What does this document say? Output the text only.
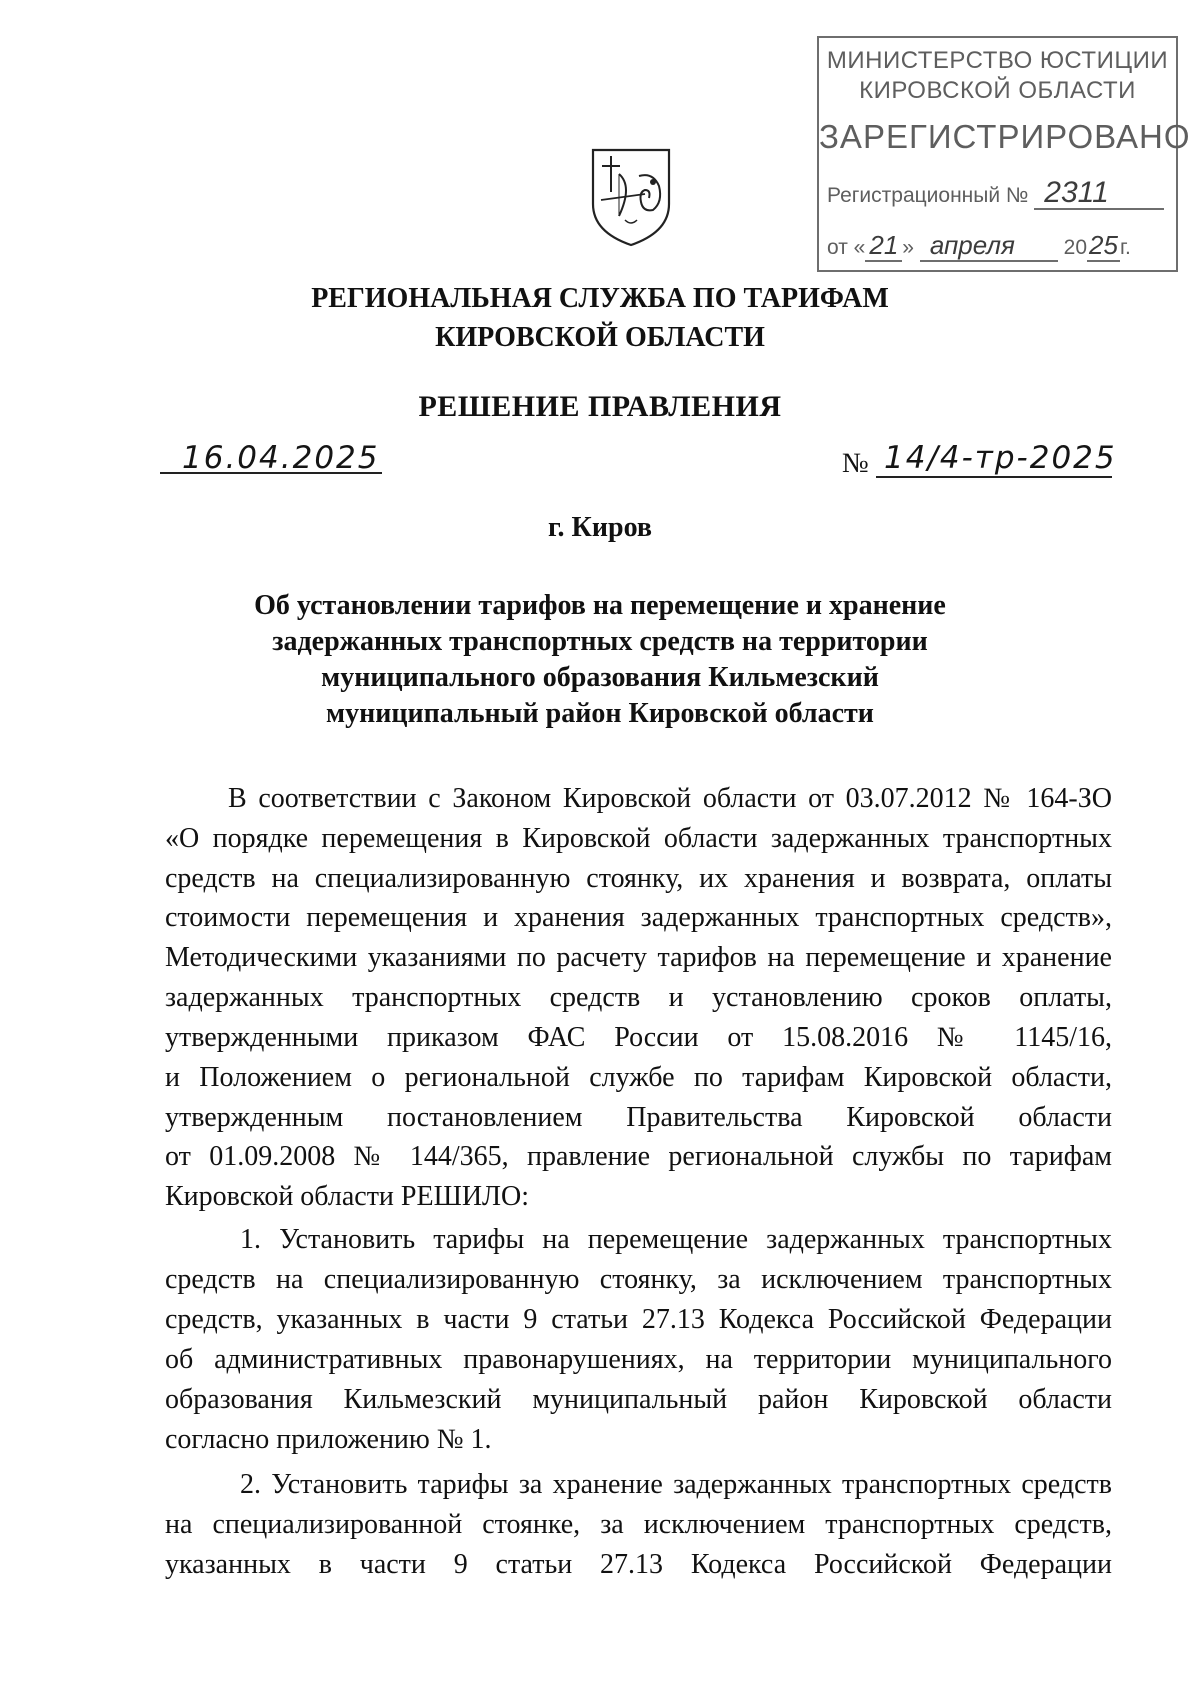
МИНИСТЕРСТВО ЮСТИЦИИ
КИРОВСКОЙ ОБЛАСТИ
ЗАРЕГИСТРИРОВАНО
Регистрационный № 2311
от « 21 » апреля 2025г.
РЕГИОНАЛЬНАЯ СЛУЖБА ПО ТАРИФАМ
КИРОВСКОЙ ОБЛАСТИ
РЕШЕНИЕ ПРАВЛЕНИЯ
16.04.2025	№ 14/4-тр-2025
г. Киров
Об установлении тарифов на перемещение и хранение
задержанных транспортных средств на территории
муниципального образования Кильмезский
муниципальный район Кировской области
В соответствии с Законом Кировской области от 03.07.2012 № 164-ЗО
«О порядке перемещения в Кировской области задержанных транспортных
средств на специализированную стоянку, их хранения и возврата, оплаты
стоимости перемещения и хранения задержанных транспортных средств»,
Методическими указаниями по расчету тарифов на перемещение и хранение
задержанных транспортных средств и установлению сроков оплаты,
утвержденными приказом ФАС России от 15.08.2016 № 1145/16,
и Положением о региональной службе по тарифам Кировской области,
утвержденным постановлением Правительства Кировской области
от 01.09.2008 № 144/365, правление региональной службы по тарифам
Кировской области РЕШИЛО:
1. Установить тарифы на перемещение задержанных транспортных
средств на специализированную стоянку, за исключением транспортных
средств, указанных в части 9 статьи 27.13 Кодекса Российской Федерации
об административных правонарушениях, на территории муниципального
образования Кильмезский муниципальный район Кировской области
согласно приложению № 1.
2. Установить тарифы за хранение задержанных транспортных средств
на специализированной стоянке, за исключением транспортных средств,
указанных в части 9 статьи 27.13 Кодекса Российской Федерации
